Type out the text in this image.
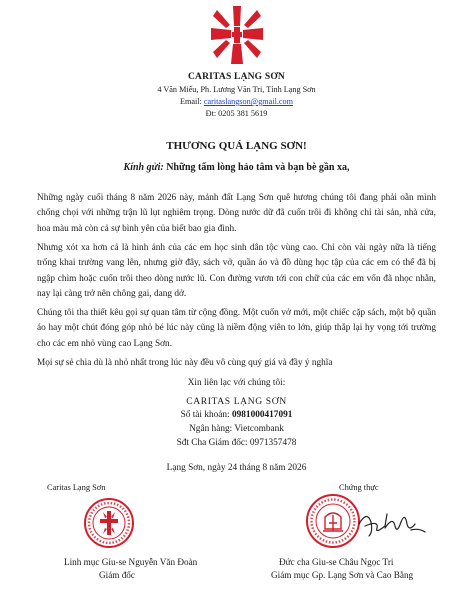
CARITAS LẠNG SƠN
4 Văn Miếu, Ph. Lương Văn Tri, Tỉnh Lạng Sơn
Email: caritaslangson@gmail.com
Đt: 0205 381 5619
THƯƠNG QUÁ LẠNG SƠN!
Kính gửi: Những tấm lòng hảo tâm và bạn bè gần xa,

Những ngày cuối tháng 8 năm 2026 này, mảnh đất Lạng Sơn quê hương chúng tôi đang phải oằn mình chống chọi với những trận lũ lụt nghiêm trọng. Dòng nước dữ đã cuốn trôi đi không chỉ tài sản, nhà cửa, hoa màu mà còn cả sự bình yên của biết bao gia đình.

Nhưng xót xa hơn cả là hình ảnh của các em học sinh dân tộc vùng cao. Chỉ còn vài ngày nữa là tiếng trống khai trường vang lên, nhưng giờ đây, sách vở, quần áo và đồ dùng học tập của các em có thể đã bị ngập chìm hoặc cuốn trôi theo dòng nước lũ. Con đường vươn tới con chữ của các em vốn đã nhọc nhằn, nay lại càng trở nên chông gai, dang dở.

Chúng tôi tha thiết kêu gọi sự quan tâm từ cộng đồng. Một cuốn vở mới, một chiếc cặp sách, một bộ quần áo hay một chút đóng góp nhỏ bé lúc này cũng là niềm động viên to lớn, giúp thắp lại hy vọng tới trường cho các em nhỏ vùng cao Lạng Sơn.

Mọi sự sẻ chia dù là nhỏ nhất trong lúc này đều vô cùng quý giá và đầy ý nghĩa

Xin liên lạc với chúng tôi:
CARITAS LẠNG SƠN
Số tài khoản: 0981000417091
Ngân hàng: Vietcombank
Sđt Cha Giám đốc: 0971357478
Lạng Sơn, ngày 24 tháng 8 năm 2026
Caritas Lạng Sơn	Chứng thực
Linh mục Giu-se Nguyễn Văn Đoàn
Giám đốc
Đức cha Giu-se Châu Ngọc Tri
Giám mục Gp. Lạng Sơn và Cao Bằng
